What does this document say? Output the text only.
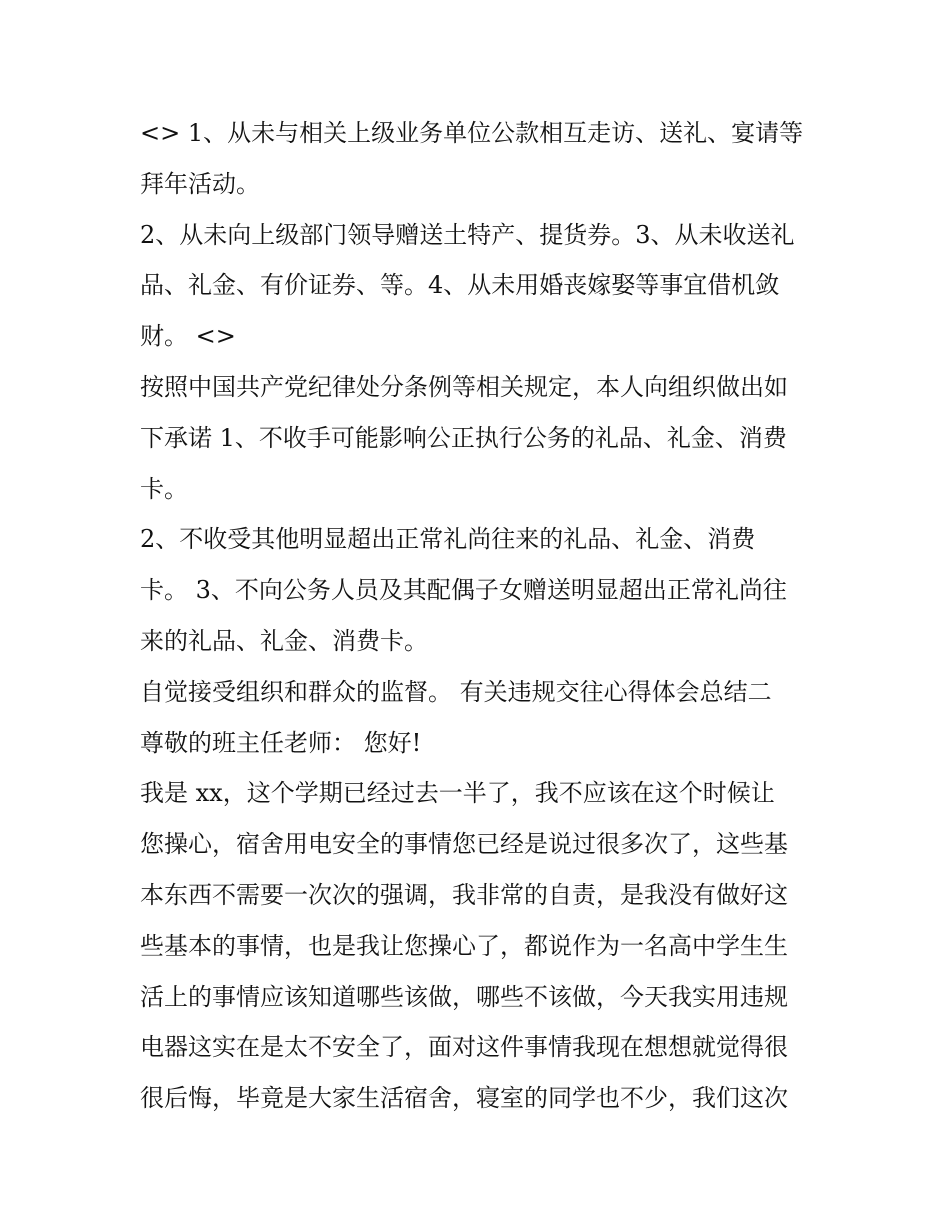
<> 1、从未与相关上级业务单位公款相互走访、送礼、宴请等
拜年活动。
2、从未向上级部门领导赠送土特产、提货券。3、从未收送礼
品、礼金、有价证券、等。4、从未用婚丧嫁娶等事宜借机敛
财。 <>
按照中国共产党纪律处分条例等相关规定，本人向组织做出如
下承诺 1、不收手可能影响公正执行公务的礼品、礼金、消费
卡。
2、不收受其他明显超出正常礼尚往来的礼品、礼金、消费
卡。 3、不向公务人员及其配偶子女赠送明显超出正常礼尚往
来的礼品、礼金、消费卡。
自觉接受组织和群众的监督。 有关违规交往心得体会总结二
尊敬的班主任老师： 您好!
我是 xx，这个学期已经过去一半了，我不应该在这个时候让
您操心，宿舍用电安全的事情您已经是说过很多次了，这些基
本东西不需要一次次的强调，我非常的自责，是我没有做好这
些基本的事情，也是我让您操心了，都说作为一名高中学生生
活上的事情应该知道哪些该做，哪些不该做，今天我实用违规
电器这实在是太不安全了，面对这件事情我现在想想就觉得很
很后悔，毕竟是大家生活宿舍，寝室的同学也不少，我们这次
